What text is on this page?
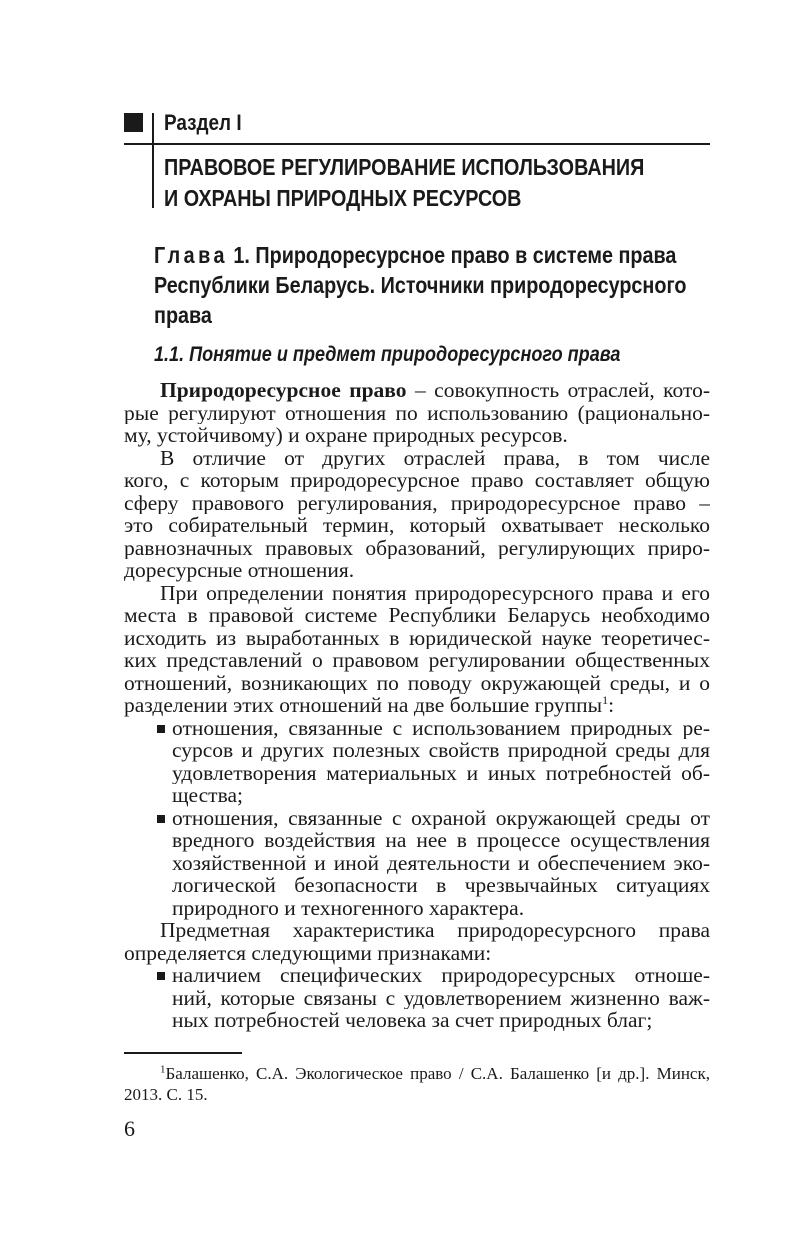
Раздел I
ПРАВОВОЕ РЕГУЛИРОВАНИЕ ИСПОЛЬЗОВАНИЯ
И ОХРАНЫ ПРИРОДНЫХ РЕСУРСОВ
Глава 1. Природоресурсное право в системе права
Республики Беларусь. Источники природоресурсного
права
1.1. Понятие и предмет природоресурсного права
Природоресурсное право – совокупность отраслей, кото-
рые регулируют отношения по использованию (рационально-
му, устойчивому) и охране природных ресурсов.
В отличие от других отраслей права, в том числе
кого, с которым природоресурсное право составляет общую
сферу правового регулирования, природоресурсное право –
это собирательный термин, который охватывает несколько
равнозначных правовых образований, регулирующих приро-
доресурсные отношения.
При определении понятия природоресурсного права и его
места в правовой системе Республики Беларусь необходимо
исходить из выработанных в юридической науке теоретичес-
ких представлений о правовом регулировании общественных
отношений, возникающих по поводу окружающей среды, и о
разделении этих отношений на две большие группы$^1$:
отношения, связанные с использованием природных ре-
сурсов и других полезных свойств природной среды для
удовлетворения материальных и иных потребностей об-
щества;
отношения, связанные с охраной окружающей среды от
вредного воздействия на нее в процессе осуществления
хозяйственной и иной деятельности и обеспечением эко-
логической безопасности в чрезвычайных ситуациях
природного и техногенного характера.
Предметная характеристика природоресурсного права
определяется следующими признаками:
наличием специфических природоресурсных отноше-
ний, которые связаны с удовлетворением жизненно важ-
ных потребностей человека за счет природных благ;
$^1$Балашенко, С.А. Экологическое право / С.А. Балашенко [и др.]. Минск,
2013. С. 15.
6
